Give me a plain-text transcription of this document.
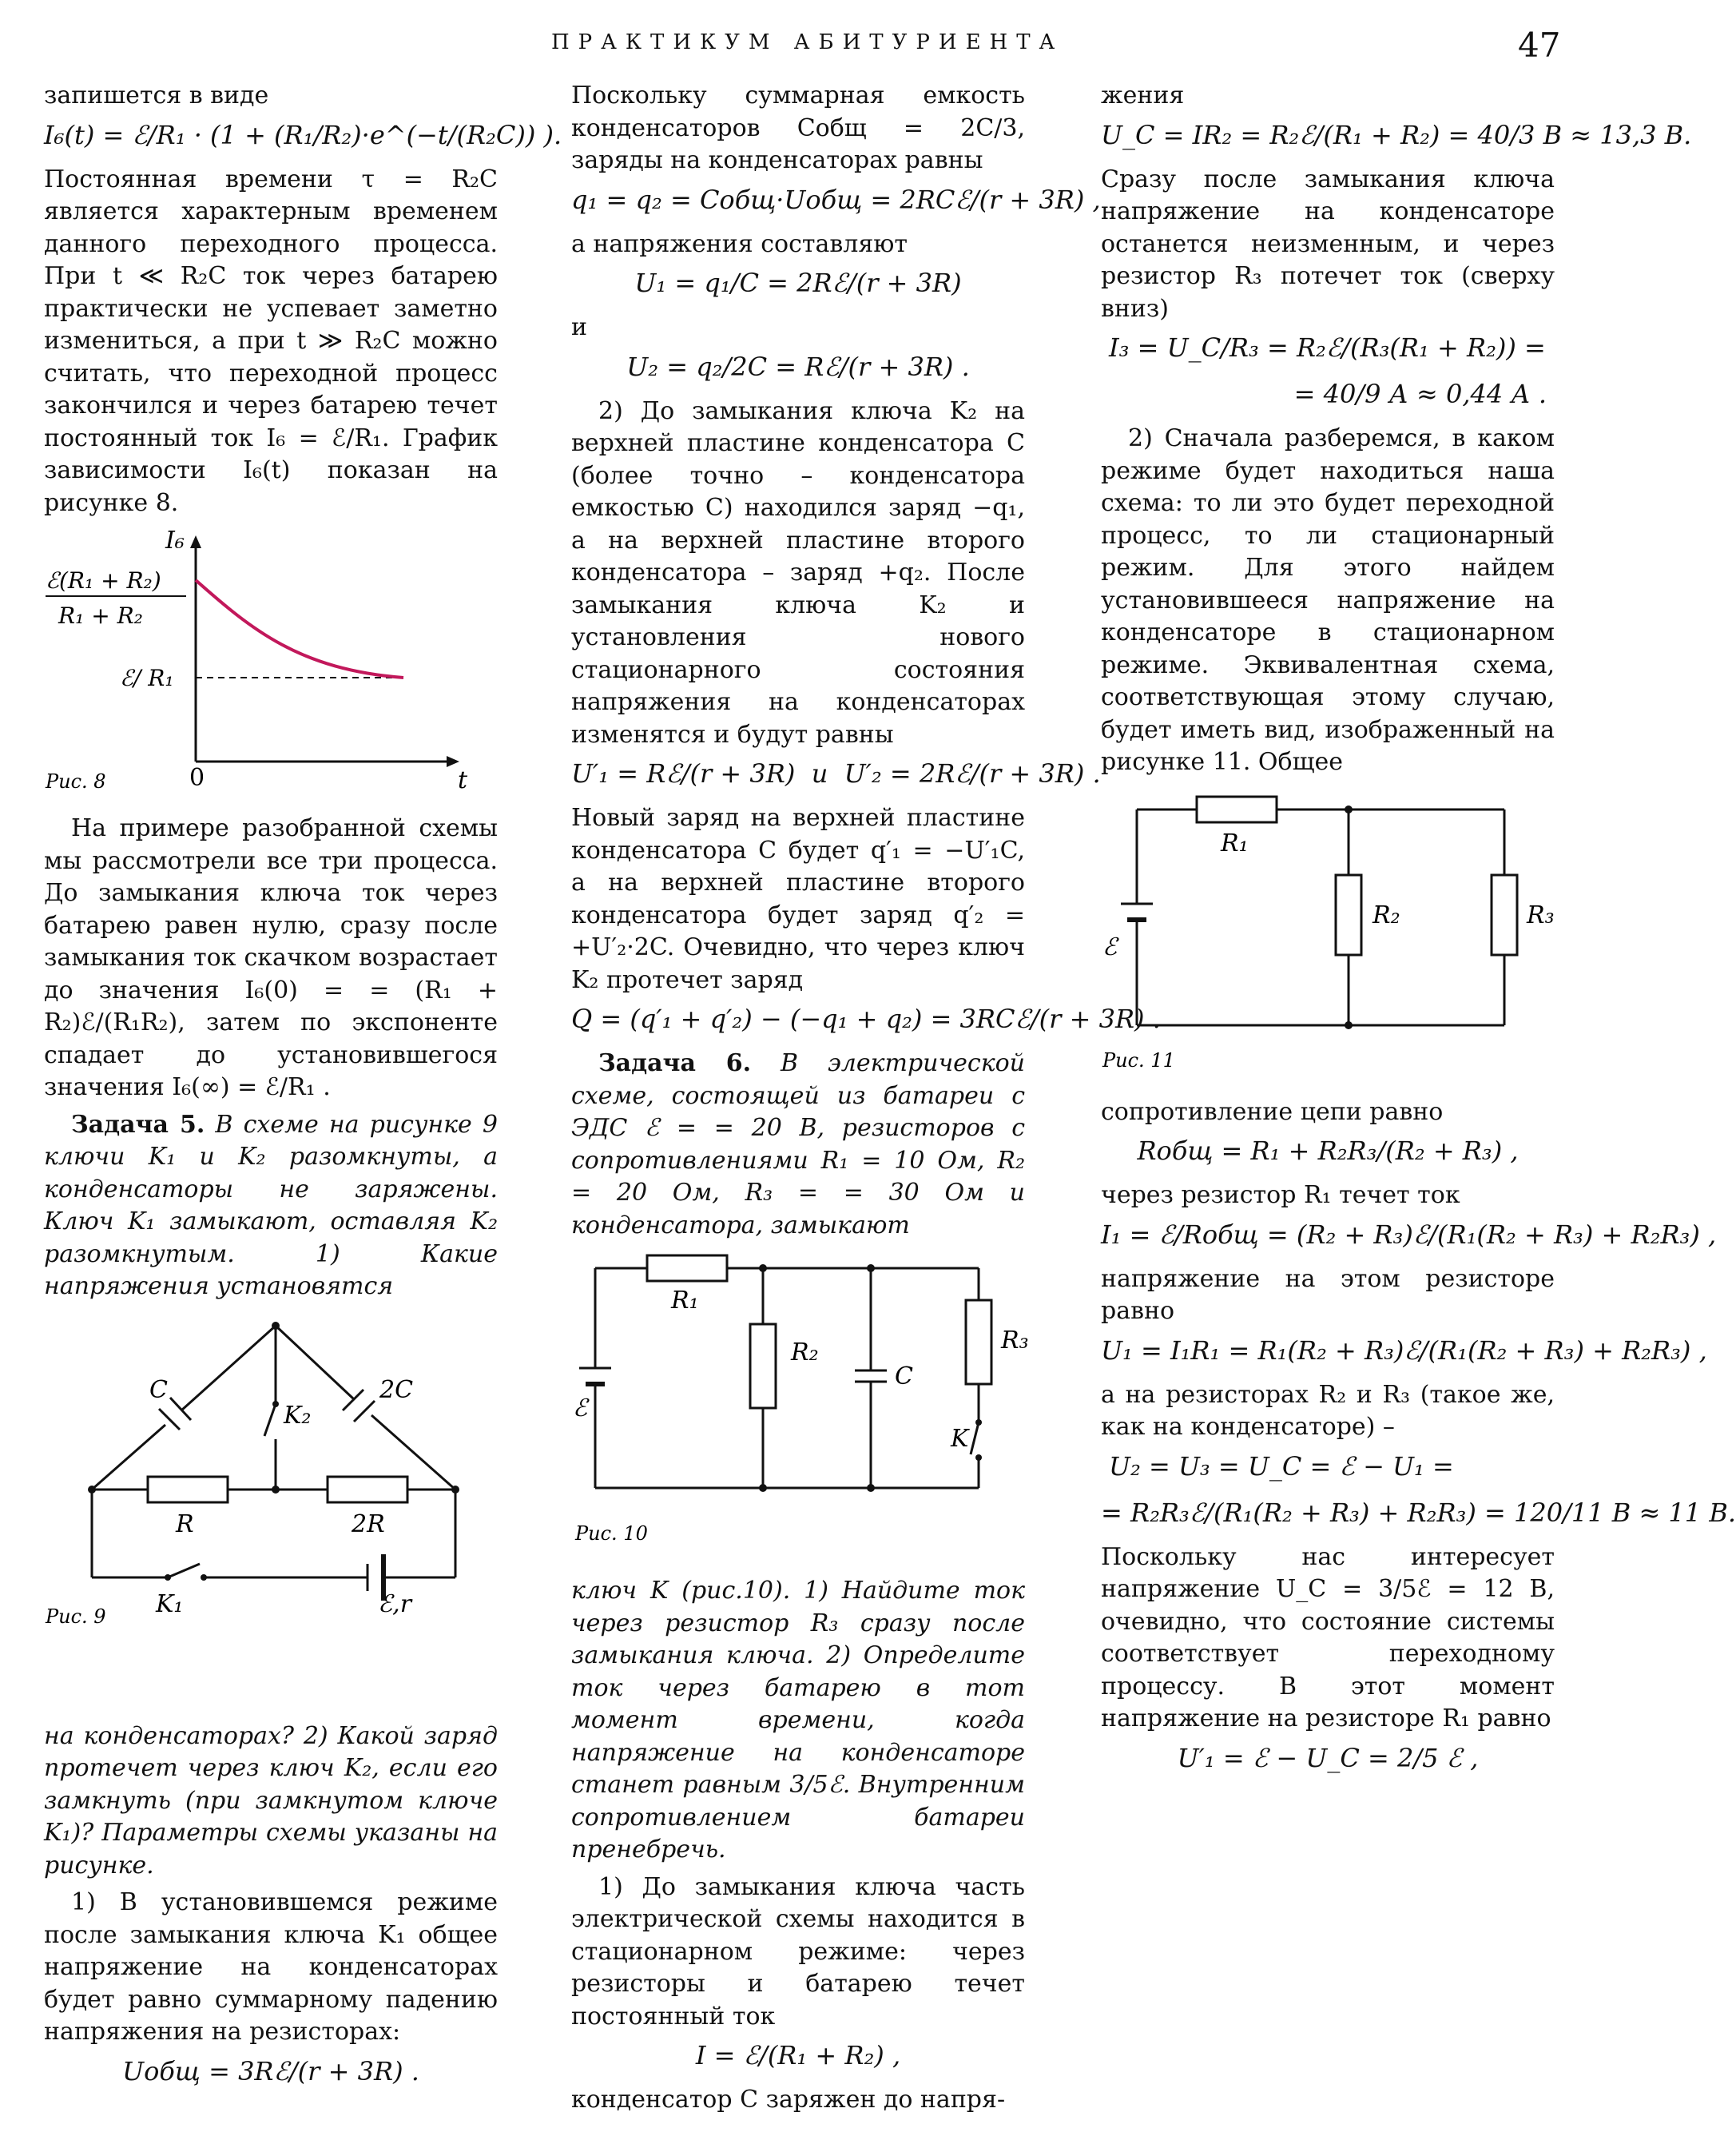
ПРАКТИКУМ АБИТУРИЕНТА	47

запишется в виде

I₆(t) = ℰ/R₁ · (1 + (R₁/R₂)·e^(−t/(R₂C)) ).

Постоянная времени τ = R₂C является характерным временем данного переходного процесса. При t ≪ R₂C ток через батарею практически не успевает заметно измениться, а при t ≫ R₂C можно считать, что переходной процесс закончился и через батарею течет постоянный ток I₆ = ℰ/R₁. График зависимости I₆(t) показан на рисунке 8.

I₆
ℰ(R₁ + R₂)
R₁ + R₂
ℰ/ R₁
0	t
Рис. 8

На примере разобранной схемы мы рассмотрели все три процесса. До замыкания ключа ток через батарею равен нулю, сразу после замыкания ток скачком возрастает до значения I₆(0) = = (R₁ + R₂)ℰ/(R₁R₂), затем по экспоненте спадает до установившегося значения I₆(∞) = ℰ/R₁ .

Задача 5. В схеме на рисунке 9 ключи K₁ и K₂ разомкнуты, а конденсаторы не заряжены. Ключ K₁ замыкают, оставляя K₂ разомкнутым. 1) Какие напряжения установятся

C	2C
K₂
R	2R
K₁	ℰ,r
Рис. 9

на конденсаторах? 2) Какой заряд протечет через ключ K₂, если его замкнуть (при замкнутом ключе K₁)? Параметры схемы указаны на рисунке.

1) В установившемся режиме после замыкания ключа K₁ общее напряжение на конденсаторах будет равно суммарному падению напряжения на резисторах:

Uобщ = 3Rℰ/(r + 3R) .

Поскольку суммарная емкость конденсаторов Cобщ = 2C/3, заряды на конденсаторах равны

q₁ = q₂ = Cобщ·Uобщ = 2RCℰ/(r + 3R) ,

а напряжения составляют

U₁ = q₁/C = 2Rℰ/(r + 3R)

и

U₂ = q₂/2C = Rℰ/(r + 3R) .

2) До замыкания ключа K₂ на верхней пластине конденсатора C (более точно – конденсатора емкостью C) находился заряд −q₁, а на верхней пластине второго конденсатора – заряд +q₂. После замыкания ключа K₂ и установления нового стационарного состояния напряжения на конденсаторах изменятся и будут равны

U′₁ = Rℰ/(r + 3R)  и  U′₂ = 2Rℰ/(r + 3R) .

Новый заряд на верхней пластине конденсатора C будет q′₁ = −U′₁C, а на верхней пластине второго конденсатора будет заряд q′₂ = +U′₂·2C. Очевидно, что через ключ K₂ протечет заряд

Q = (q′₁ + q′₂) − (−q₁ + q₂) = 3RCℰ/(r + 3R) .

Задача 6. В электрической схеме, состоящей из батареи с ЭДС ℰ = = 20 В, резисторов с сопротивлениями R₁ = 10 Ом, R₂ = 20 Ом, R₃ = = 30 Ом и конденсатора, замыкают

R₁
R₂
C
R₃
K
ℰ
Рис. 10

ключ K (рис.10). 1) Найдите ток через резистор R₃ сразу после замыкания ключа. 2) Определите ток через батарею в тот момент времени, когда напряжение на конденсаторе станет равным 3/5ℰ. Внутренним сопротивлением батареи пренебречь.

1) До замыкания ключа часть электрической схемы находится в стационарном режиме: через резисторы и батарею течет постоянный ток

I = ℰ/(R₁ + R₂) ,

конденсатор C заряжен до напря-

жения

U_C = IR₂ = R₂ℰ/(R₁ + R₂) = 40/3 В ≈ 13,3 В.

Сразу после замыкания ключа напряжение на конденсаторе останется неизменным, и через резистор R₃ потечет ток (сверху вниз)

I₃ = U_C/R₃ = R₂ℰ/(R₃(R₁ + R₂)) =
= 40/9 А ≈ 0,44 А .

2) Сначала разберемся, в каком режиме будет находиться наша схема: то ли это будет переходной процесс, то ли стационарный режим. Для этого найдем установившееся напряжение на конденсаторе в стационарном режиме. Эквивалентная схема, соответствующая этому случаю, будет иметь вид, изображенный на рисунке 11. Общее

R₁
R₂	R₃
ℰ
Рис. 11

сопротивление цепи равно

Rобщ = R₁ + R₂R₃/(R₂ + R₃) ,

через резистор R₁ течет ток

I₁ = ℰ/Rобщ = (R₂ + R₃)ℰ/(R₁(R₂ + R₃) + R₂R₃) ,

напряжение на этом резисторе равно

U₁ = I₁R₁ = R₁(R₂ + R₃)ℰ/(R₁(R₂ + R₃) + R₂R₃) ,

а на резисторах R₂ и R₃ (такое же, как на конденсаторе) –

U₂ = U₃ = U_C = ℰ − U₁ =
= R₂R₃ℰ/(R₁(R₂ + R₃) + R₂R₃) = 120/11 В ≈ 11 В.

Поскольку нас интересует напряжение U_C = 3/5ℰ = 12 В, очевидно, что состояние системы соответствует переходному процессу. В этот момент напряжение на резисторе R₁ равно

U′₁ = ℰ − U_C = 2/5 ℰ ,
